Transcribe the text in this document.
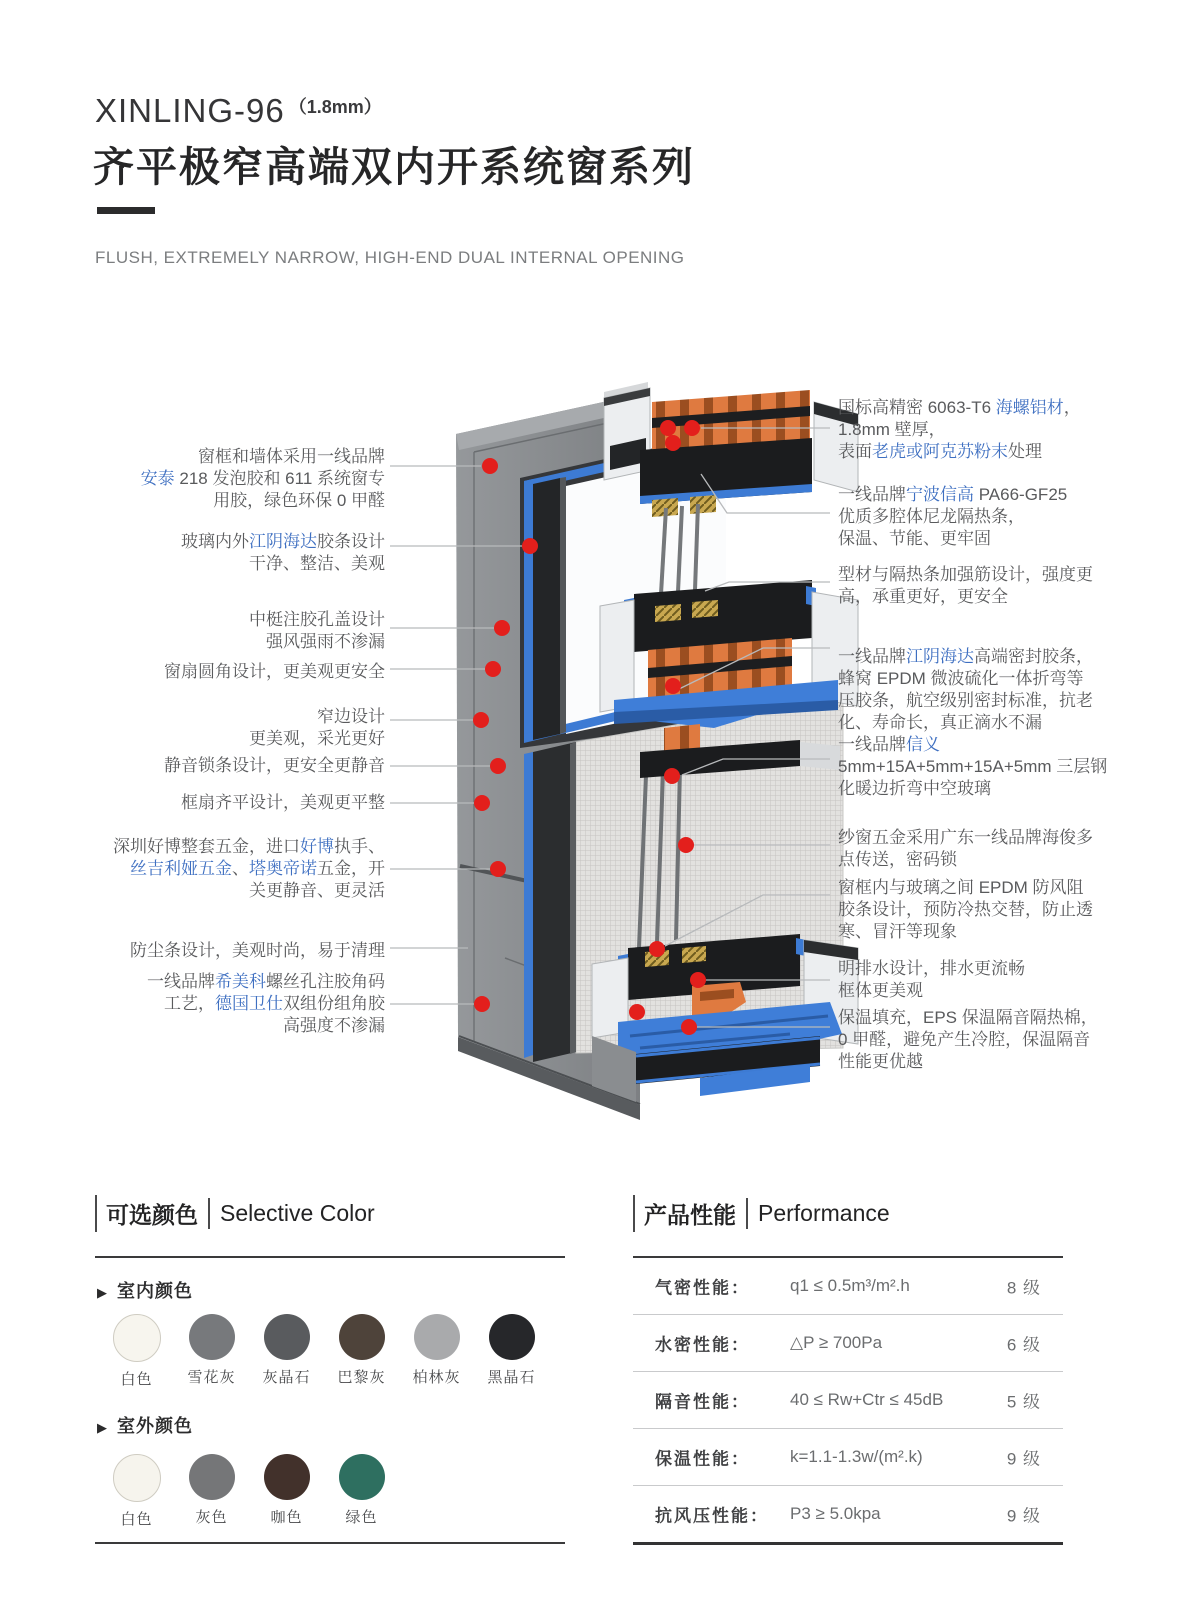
XINLING-96 $^{(1.8mm)}$
齐平极窄高端双内开系统窗系列
FLUSH, EXTREMELY NARROW, HIGH-END DUAL INTERNAL OPENING
窗框和墙体采用一线品牌
安泰 218 发泡胶和 611 系统窗专
用胶，绿色环保 0 甲醛
玻璃内外江阴海达胶条设计
干净、整洁、美观
中梃注胶孔盖设计
强风强雨不渗漏
窗扇圆角设计，更美观更安全
窄边设计
更美观，采光更好
静音锁条设计，更安全更静音
框扇齐平设计，美观更平整
深圳好博整套五金，进口好博执手、
丝吉利娅五金、塔奥帝诺五金，开
关更静音、更灵活
防尘条设计，美观时尚，易于清理
一线品牌希美科螺丝孔注胶角码
工艺，德国卫仕双组份组角胶
高强度不渗漏
国标高精密 6063-T6 海螺铝材，
1.8mm 壁厚，
表面老虎或阿克苏粉末处理
一线品牌宁波信高 PA66-GF25
优质多腔体尼龙隔热条，
保温、节能、更牢固
型材与隔热条加强筋设计，强度更
高，承重更好，更安全
一线品牌江阴海达高端密封胶条，
蜂窝 EPDM 微波硫化一体折弯等
压胶条，航空级别密封标准，抗老
化、寿命长，真正滴水不漏
一线品牌信义
5mm+15A+5mm+15A+5mm 三层钢
化暖边折弯中空玻璃
纱窗五金采用广东一线品牌海俊多
点传送，密码锁
窗框内与玻璃之间 EPDM 防风阻
胶条设计，预防冷热交替，防止透
寒、冒汗等现象
明排水设计，排水更流畅
框体更美观
保温填充，EPS 保温隔音隔热棉，
0 甲醛，避免产生冷腔，保温隔音
性能更优越
可选颜色 Selective Color
▶ 室内颜色
白色 雪花灰 灰晶石 巴黎灰 柏林灰 黑晶石
▶ 室外颜色
白色	灰色	咖色	绿色
产品性能 Performance
气密性能： q1 ≤ 0.5m³/m².h	8 级
水密性能： △P ≥ 700Pa	6 级
隔音性能： 40 ≤ Rw+Ctr ≤ 45dB	5 级
保温性能： k=1.1-1.3w/(m².k)	9 级
抗风压性能： P3 ≥ 5.0kpa	9 级
